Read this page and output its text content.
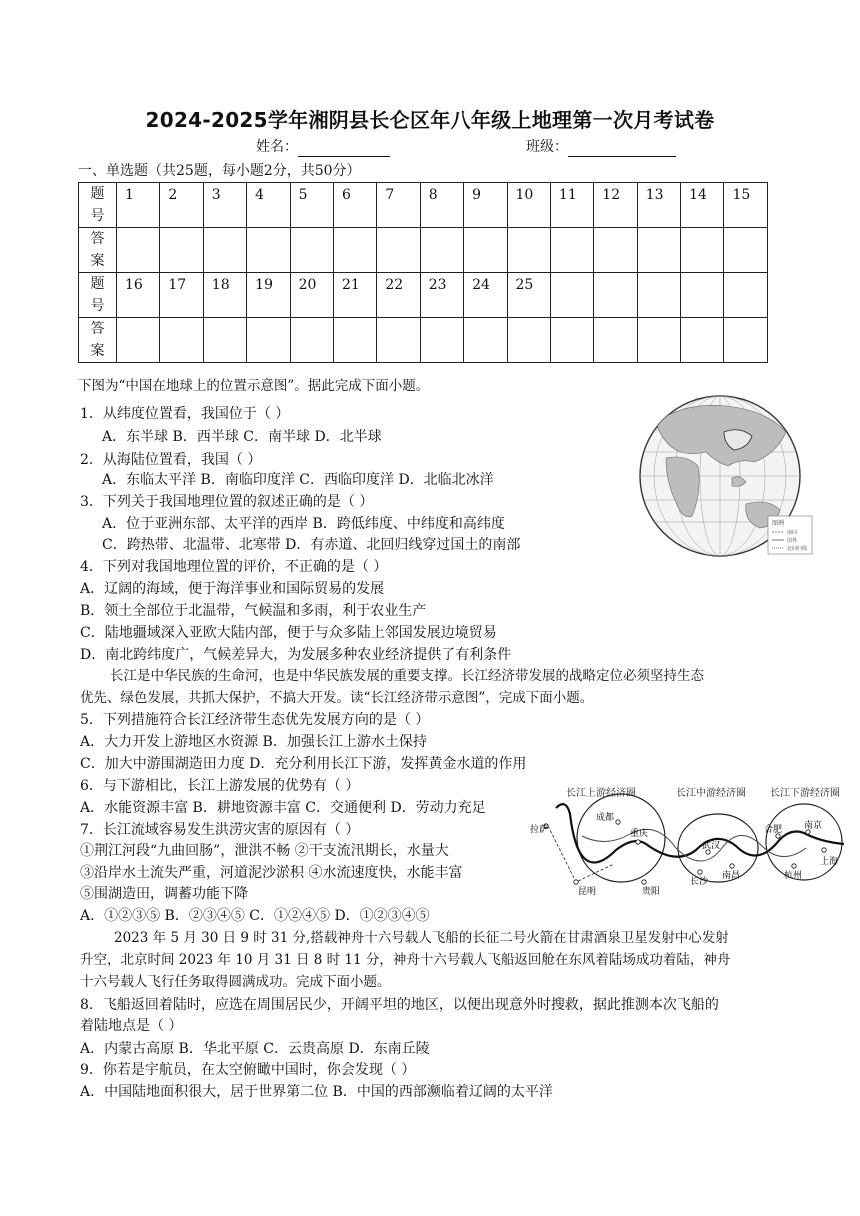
2024-2025学年湘阴县长仑区年八年级上地理第一次月考试卷
姓名：	班级：
一、单选题（共25题，每小题2分，共50分）
题
号	1	2	3	4	5	6	7	8	9	10	11	12	13	14	15

答
案															

题
号	16	17	18	19	20	21	22	23	24	25					

答
案															

下图为“中国在地球上的位置示意图”。据此完成下面小题。
1．从纬度位置看，我国位于（ ）
A．东半球 B．西半球 C．南半球 D．北半球
2．从海陆位置看，我国（ ）
A．东临太平洋 B．南临印度洋 C．西临印度洋 D．北临北冰洋
3．下列关于我国地理位置的叙述正确的是（ ）
A．位于亚洲东部、太平洋的西岸 B．跨低纬度、中纬度和高纬度
C．跨热带、北温带、北寒带 D．有赤道、北回归线穿过国土的南部
4．下列对我国地理位置的评价，不正确的是（ ）
A．辽阔的海域，便于海洋事业和国际贸易的发展
B．领土全部位于北温带，气候温和多雨，利于农业生产
C．陆地疆域深入亚欧大陆内部，便于与众多陆上邻国发展边境贸易
D．南北跨纬度广，气候差异大，为发展多种农业经济提供了有利条件
长江是中华民族的生命河，也是中华民族发展的重要支撑。长江经济带发展的战略定位必须坚持生态
优先、绿色发展，共抓大保护，不搞大开发。读“长江经济带示意图”，完成下面小题。
5．下列措施符合长江经济带生态优先发展方向的是（ ）
A．大力开发上游地区水资源 B．加强长江上游水土保持
C．加大中游围湖造田力度 D．充分利用长江下游，发挥黄金水道的作用
6．与下游相比，长江上游发展的优势有（ ）
A．水能资源丰富 B．耕地资源丰富 C．交通便利 D．劳动力充足
7．长江流域容易发生洪涝灾害的原因有（ ）
①荆江河段“九曲回肠”，泄洪不畅 ②干支流汛期长，水量大
③沿岸水土流失严重，河道泥沙淤积 ④水流速度快，水能丰富
⑤围湖造田，调蓄功能下降
A．①②③⑤ B．②③④⑤ C．①②④⑤ D．①②③④⑤
2023 年 5 月 30 日 9 时 31 分,搭载神舟十六号载人飞船的长征二号火箭在甘肃酒泉卫星发射中心发射
升空，北京时间 2023 年 10 月 31 日 8 时 11 分，神舟十六号载人飞船返回舱在东风着陆场成功着陆，神舟
十六号载人飞行任务取得圆满成功。完成下面小题。
8．飞船返回着陆时，应选在周围居民少，开阔平坦的地区，以便出现意外时搜救，据此推测本次飞船的
着陆地点是（ ）
A．内蒙古高原 B．华北平原 C．云贵高原 D．东南丘陵
9．你若是宇航员，在太空俯瞰中国时，你会发现（ ）
A．中国陆地面积很大，居于世界第二位 B．中国的西部濒临着辽阔的太平洋
图例
南回
国界
北回归线
长江上游经济圈	长江中游经济圈 长江下游经济圈
成都
重庆
拉萨
贵阳
昆明
武汉
长沙
南昌
合肥 南京
上海
杭州
